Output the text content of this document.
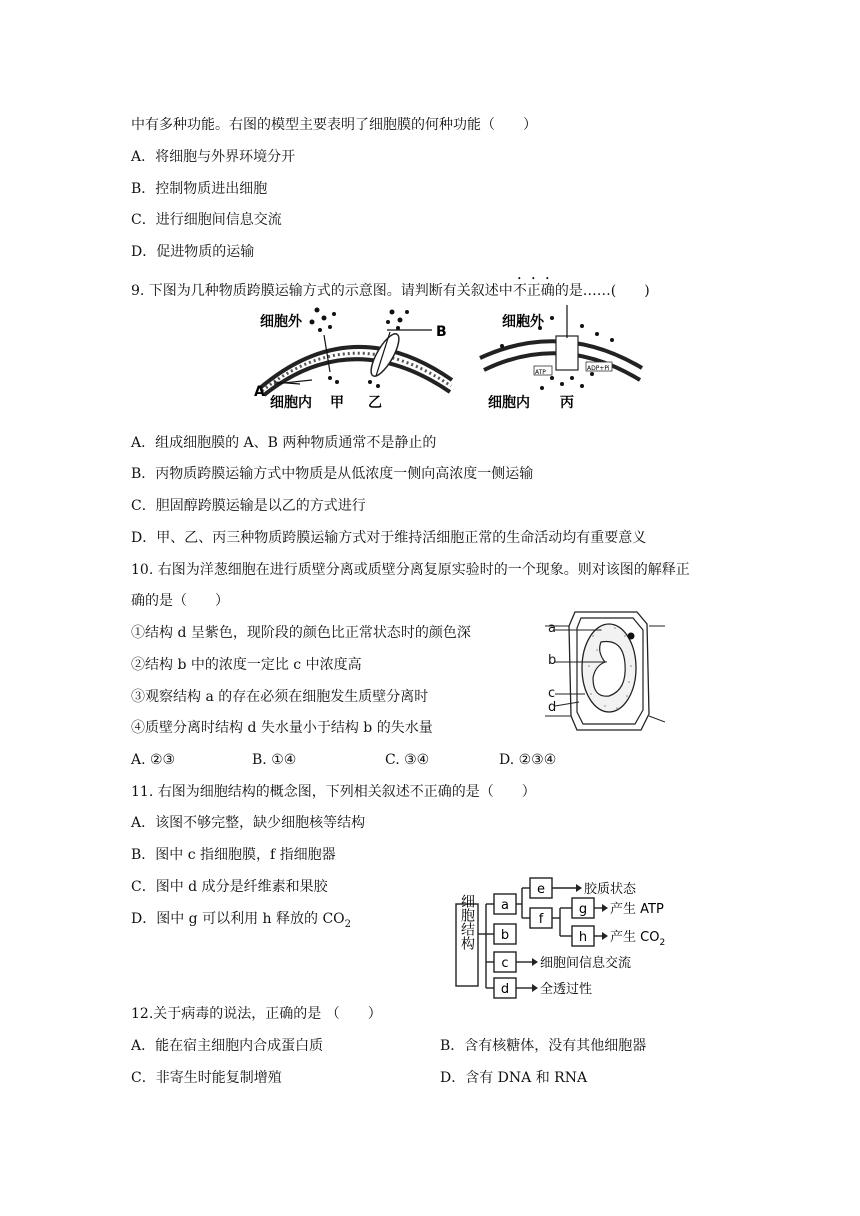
中有多种功能。右图的模型主要表明了细胞膜的何种功能（　　）
A．将细胞与外界环境分开
B．控制物质进出细胞
C．进行细胞间信息交流
D．促进物质的运输
9. 下图为几种物质跨膜运输方式的示意图。请判断有关叙述中不正确的是……(　　)
细胞外
B
A
细胞内 甲 乙
ATP
ADP+Pi
细胞外
细胞内 丙
A．组成细胞膜的 A、B 两种物质通常不是静止的
B．丙物质跨膜运输方式中物质是从低浓度一侧向高浓度一侧运输
C．胆固醇跨膜运输是以乙的方式进行
D．甲、乙、丙三种物质跨膜运输方式对于维持活细胞正常的生命活动均有重要意义
10. 右图为洋葱细胞在进行质壁分离或质壁分离复原实验时的一个现象。则对该图的解释正
确的是（　　）
①结构 d 呈紫色，现阶段的颜色比正常状态时的颜色深
②结构 b 中的浓度一定比 c 中浓度高
③观察结构 a 的存在必须在细胞发生质壁分离时
④质壁分离时结构 d 失水量小于结构 b 的失水量
a
b
c
d
A. ②③	B. ①④	C. ③④	D. ②③④
11. 右图为细胞结构的概念图，下列相关叙述不正确的是（　　）
A．该图不够完整，缺少细胞核等结构
B．图中 c 指细胞膜，f 指细胞器
C．图中 d 成分是纤维素和果胶
D．图中 g 可以利用 h 释放的 $CO_2$	细胞结构 a
b
c
d
e
f
g
h
胶质状态
产生 ATP
产生 $CO_2$
细胞间信息交流
全透过性
12.关于病毒的说法，正确的是 （　　）
A．能在宿主细胞内合成蛋白质	B．含有核糖体，没有其他细胞器
C．非寄生时能复制增殖	D．含有 DNA 和 RNA
